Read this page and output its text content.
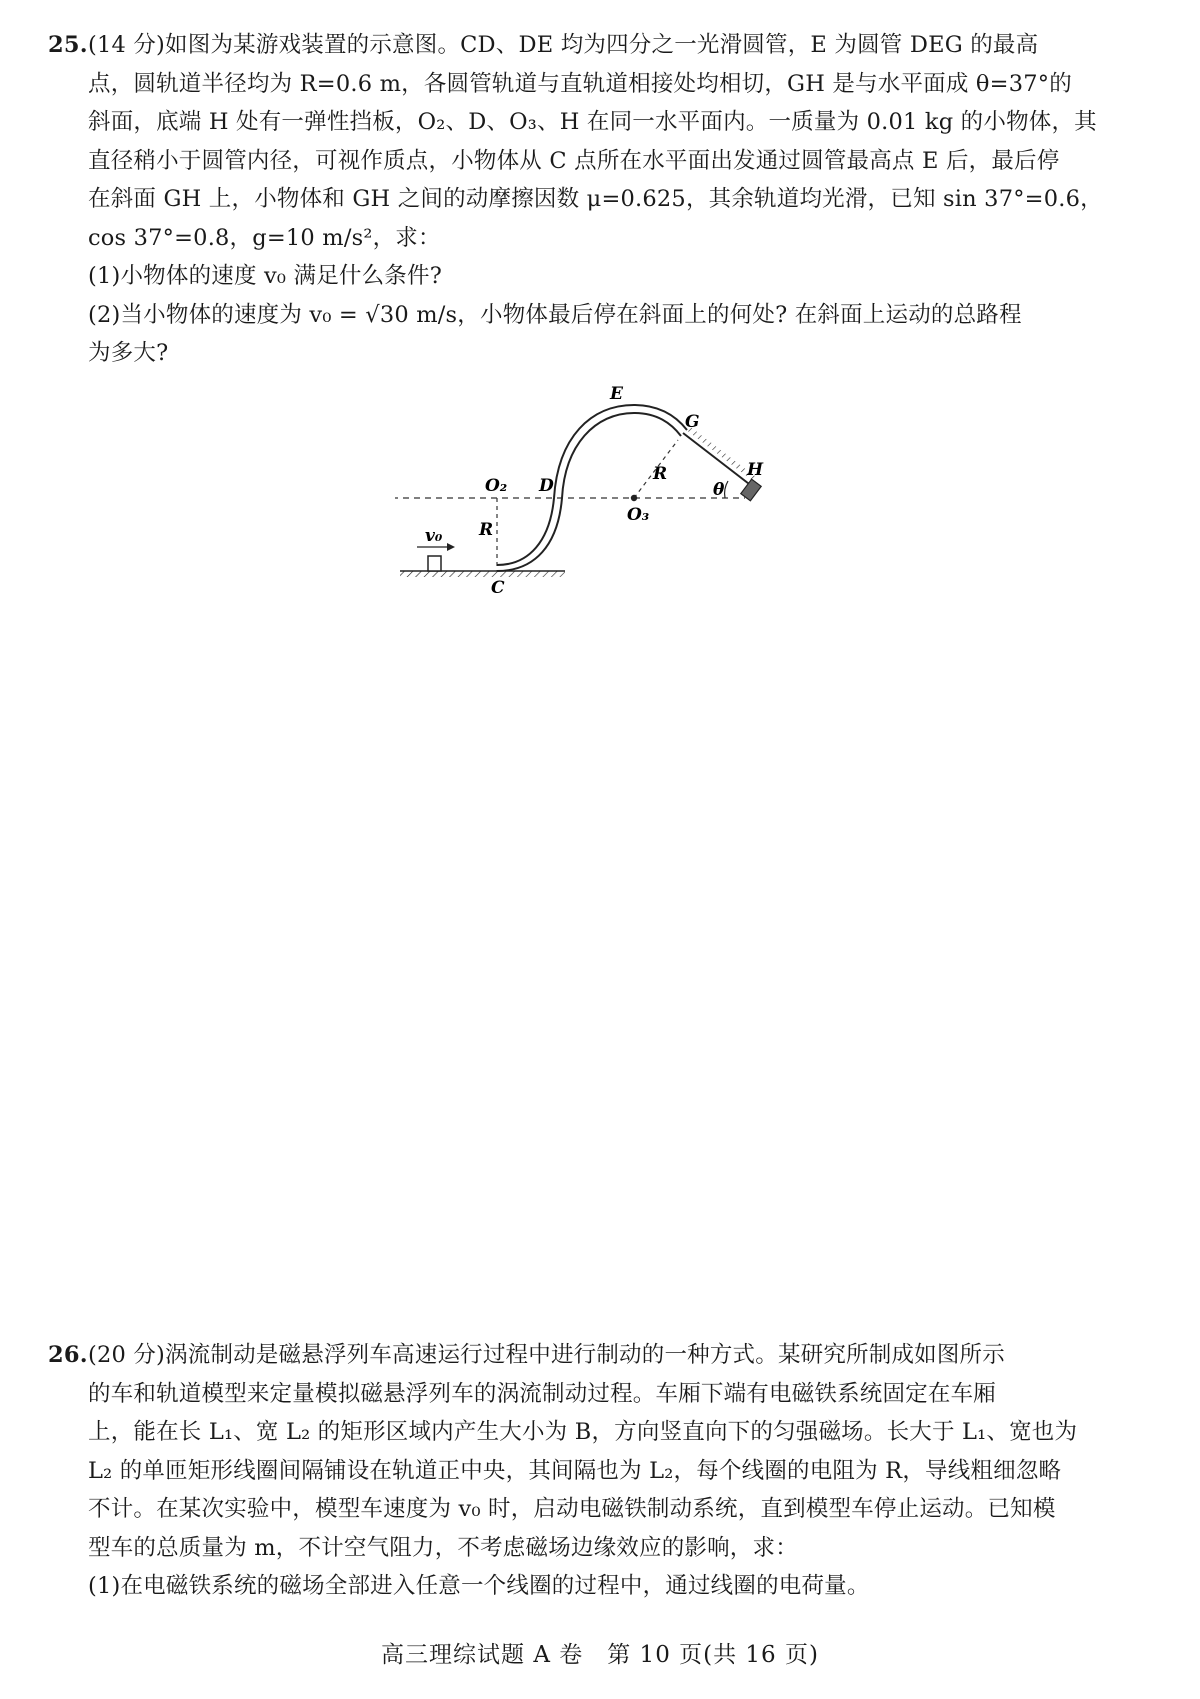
25.(14 分)如图为某游戏装置的示意图。CD、DE 均为四分之一光滑圆管，E 为圆管 DEG 的最高
点，圆轨道半径均为 R=0.6 m，各圆管轨道与直轨道相接处均相切，GH 是与水平面成 θ=37°的
斜面，底端 H 处有一弹性挡板，O₂、D、O₃、H 在同一水平面内。一质量为 0.01 kg 的小物体，其
直径稍小于圆管内径，可视作质点，小物体从 C 点所在水平面出发通过圆管最高点 E 后，最后停
在斜面 GH 上，小物体和 GH 之间的动摩擦因数 μ=0.625，其余轨道均光滑，已知 sin 37°=0.6，
cos 37°=0.8，g=10 m/s²，求：
(1)小物体的速度 v₀ 满足什么条件?
(2)当小物体的速度为 v₀ = √30 m/s，小物体最后停在斜面上的何处? 在斜面上运动的总路程
为多大?
v₀
E
G
O₂ D
R
O₃
θ
H
R
C
26.(20 分)涡流制动是磁悬浮列车高速运行过程中进行制动的一种方式。某研究所制成如图所示
的车和轨道模型来定量模拟磁悬浮列车的涡流制动过程。车厢下端有电磁铁系统固定在车厢
上，能在长 L₁、宽 L₂ 的矩形区域内产生大小为 B，方向竖直向下的匀强磁场。长大于 L₁、宽也为
L₂ 的单匝矩形线圈间隔铺设在轨道正中央，其间隔也为 L₂，每个线圈的电阻为 R，导线粗细忽略
不计。在某次实验中，模型车速度为 v₀ 时，启动电磁铁制动系统，直到模型车停止运动。已知模
型车的总质量为 m，不计空气阻力，不考虑磁场边缘效应的影响，求：
(1)在电磁铁系统的磁场全部进入任意一个线圈的过程中，通过线圈的电荷量。
高三理综试题 A 卷　第 10 页(共 16 页)
